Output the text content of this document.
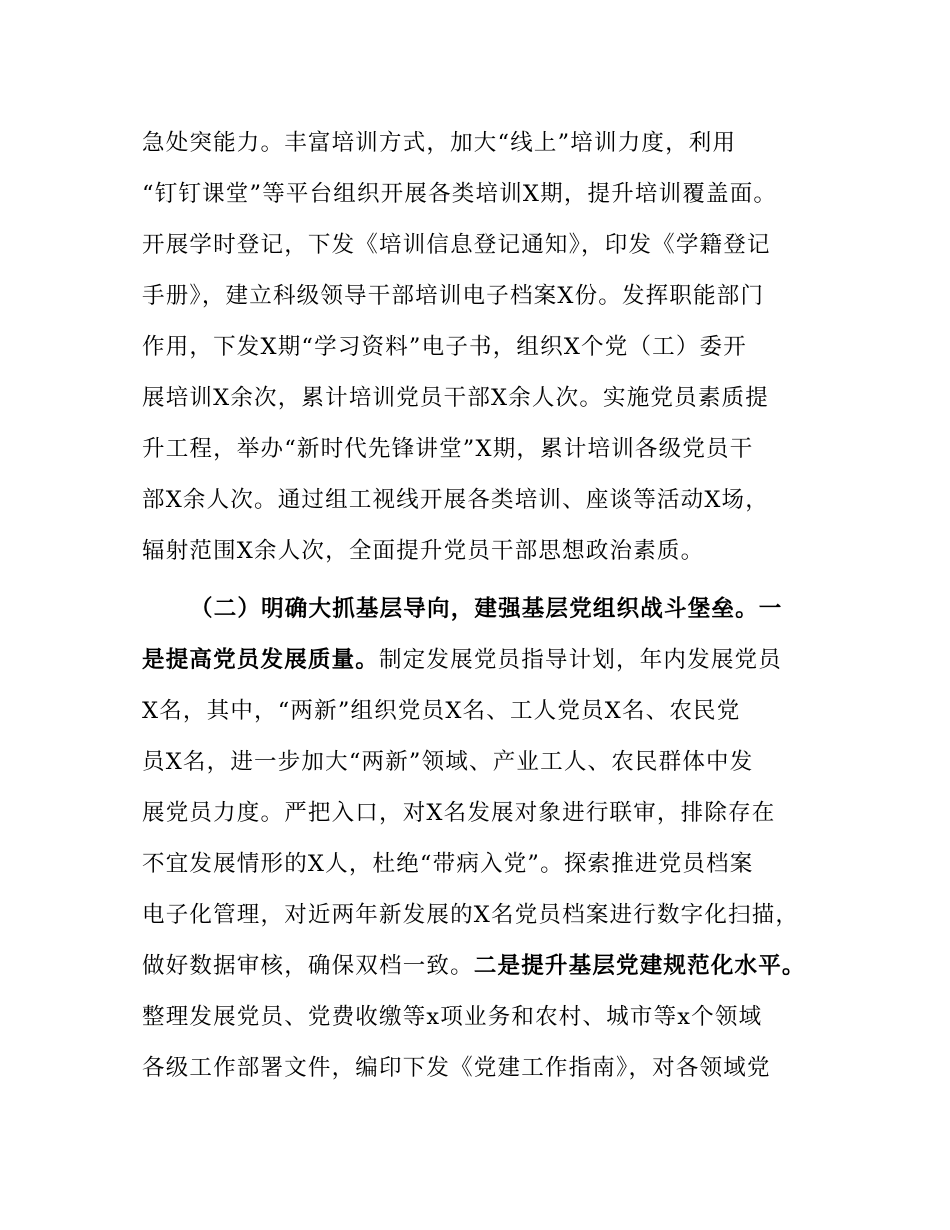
急处突能力。丰富培训方式，加大“线上”培训力度，利用
“钉钉课堂”等平台组织开展各类培训X期，提升培训覆盖面。
开展学时登记，下发《培训信息登记通知》，印发《学籍登记
手册》，建立科级领导干部培训电子档案X份。发挥职能部门
作用，下发X期“学习资料”电子书，组织X个党（工）委开
展培训X余次，累计培训党员干部X余人次。实施党员素质提
升工程，举办“新时代先锋讲堂”X期，累计培训各级党员干
部X余人次。通过组工视线开展各类培训、座谈等活动X场，
辐射范围X余人次，全面提升党员干部思想政治素质。
（二）明确大抓基层导向，建强基层党组织战斗堡垒。一
是提高党员发展质量。制定发展党员指导计划，年内发展党员
X名，其中，“两新”组织党员X名、工人党员X名、农民党
员X名，进一步加大“两新”领域、产业工人、农民群体中发
展党员力度。严把入口，对X名发展对象进行联审，排除存在
不宜发展情形的X人，杜绝“带病入党”。探索推进党员档案
电子化管理，对近两年新发展的X名党员档案进行数字化扫描，
做好数据审核，确保双档一致。二是提升基层党建规范化水平。
整理发展党员、党费收缴等x项业务和农村、城市等x个领域
各级工作部署文件，编印下发《党建工作指南》，对各领域党
